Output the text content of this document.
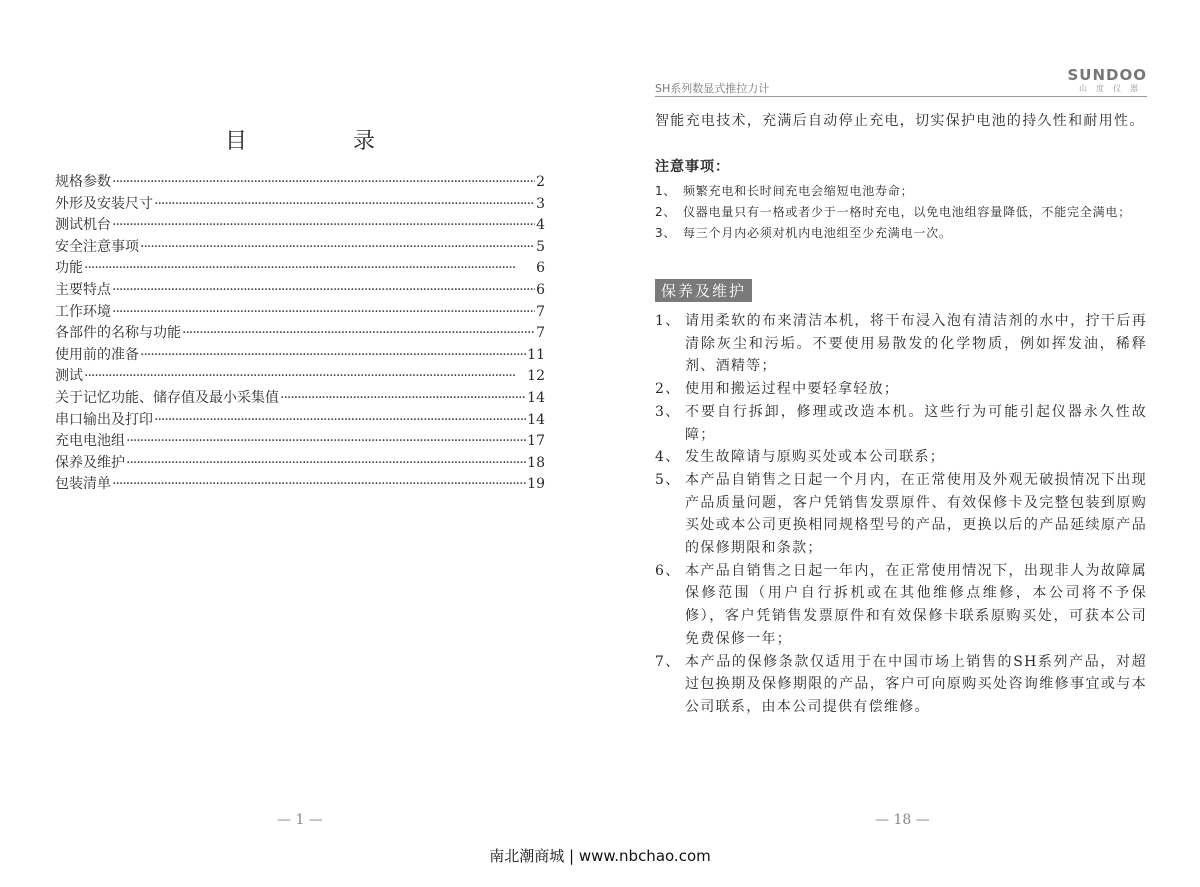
目　录
规格参数 ·····	2
外形及安装尺寸 ·····	3
测试机台 ·····	4
安全注意事项 ·····	5
功能 ·····	6
主要特点 ·····	6
工作环境 ·····	7
各部件的名称与功能 ·····	7
使用前的准备 ·····	11
测试 ·····	12
关于记忆功能、储存值及最小采集值 ·····	14
串口输出及打印 ·····	14
充电电池组 ·····	17
保养及维护 ·····	18
包装清单 ·····	19
— 1 —
SH系列数显式推拉力计
SUNDOO
山度仪器
智能充电技术，充满后自动停止充电，切实保护电池的持久性和耐用性。
注意事项：
1、 频繁充电和长时间充电会缩短电池寿命；
2、 仪器电量只有一格或者少于一格时充电，以免电池组容量降低，不能完全满电；
3、 每三个月内必须对机内电池组至少充满电一次。
保养及维护
1、 请用柔软的布来清洁本机，将干布浸入泡有清洁剂的水中，拧干后再清除灰尘和污垢。不要使用易散发的化学物质，例如挥发油，稀释剂、酒精等；
2、 使用和搬运过程中要轻拿轻放；
3、 不要自行拆卸，修理或改造本机。这些行为可能引起仪器永久性故障；
4、 发生故障请与原购买处或本公司联系；
5、 本产品自销售之日起一个月内，在正常使用及外观无破损情况下出现产品质量问题，客户凭销售发票原件、有效保修卡及完整包装到原购买处或本公司更换相同规格型号的产品，更换以后的产品延续原产品的保修期限和条款；
6、 本产品自销售之日起一年内，在正常使用情况下，出现非人为故障属保修范围（用户自行拆机或在其他维修点维修，本公司将不予保修），客户凭销售发票原件和有效保修卡联系原购买处，可获本公司免费保修一年；
7、 本产品的保修条款仅适用于在中国市场上销售的SH系列产品，对超过包换期及保修期限的产品，客户可向原购买处咨询维修事宜或与本公司联系，由本公司提供有偿维修。
— 18 —
南北潮商城 | www.nbchao.com
